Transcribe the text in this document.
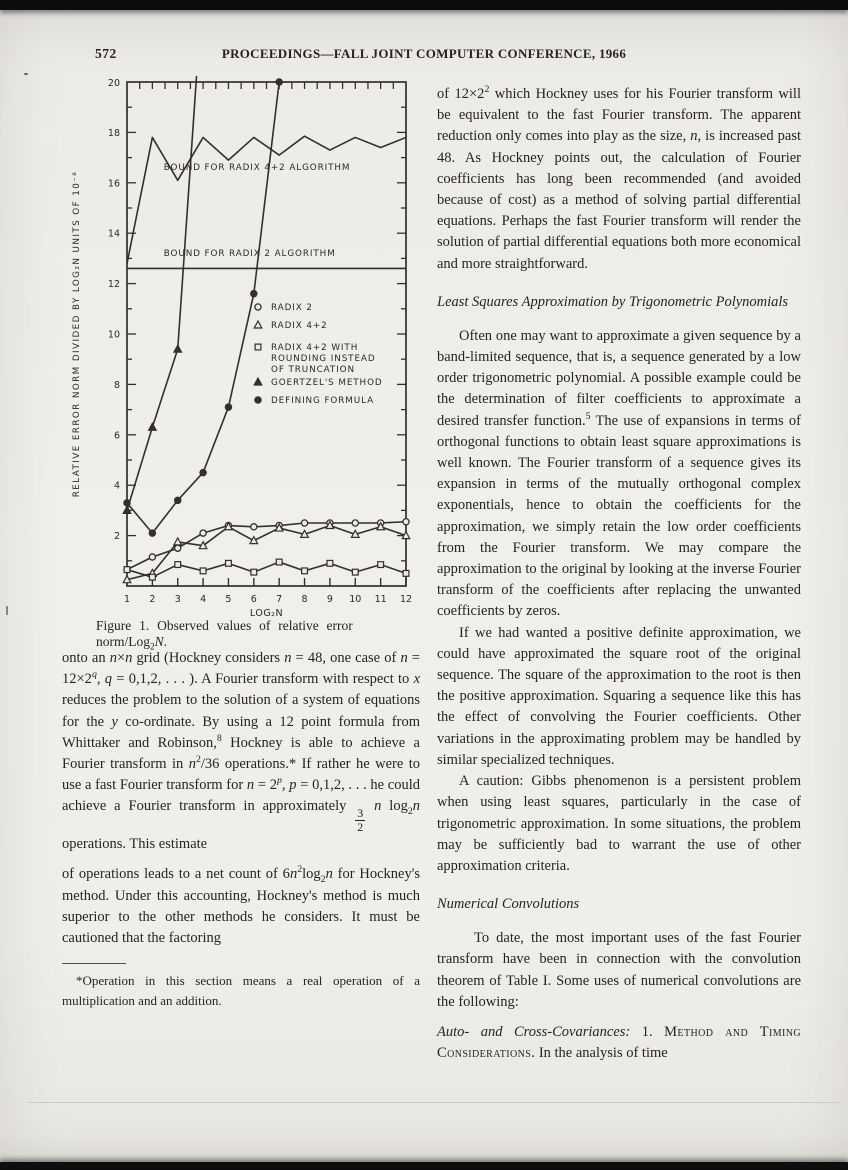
572	PROCEEDINGS—FALL JOINT COMPUTER CONFERENCE, 1966
1 2 3 4 5 6 7 8 9 10 11 12
2
4
6
8
10
12
14
16
18
20
LOG₂N
RELATIVE ERROR NORM DIVIDED BY LOG₂N UNITS OF 10⁻⁸
BOUND FOR RADIX 4+2 ALGORITHM
BOUND FOR RADIX 2 ALGORITHM
RADIX 2
RADIX 4+2
RADIX 4+2 WITH
ROUNDING INSTEAD
OF TRUNCATION
GOERTZEL'S METHOD
DEFINING FORMULA
Figure 1. Observed values of relative error norm/Log$_2$N.

onto an n×n grid (Hockney considers n = 48, one case of $n = 12\times 2^q$, q = 0,1,2, . . . ). A Fourier transform with respect to x reduces the problem to the solution of a system of equations for the y co-ordinate. By using a 12 point formula from Whittaker and Robinson,$^8$ Hockney is able to achieve a Fourier transform in $n^2/36$ operations.* If rather he were to use a fast Fourier transform for $n = 2^p$, p = 0,1,2, . . . he could achieve a Fourier transform in approximately
$\frac{3}{2}$
n $\log_2n$ operations. This estimate

of operations leads to a net count of $6n^2\log_2n$ for Hockney's method. Under this accounting, Hockney's method is much superior to the other methods he considers. It must be cautioned that the factoring

*Operation in this section means a real operation of a multiplication and an addition.

of $12\times 2^2$ which Hockney uses for his Fourier transform will be equivalent to the fast Fourier transform. The apparent reduction only comes into play as the size, n, is increased past 48. As Hockney points out, the calculation of Fourier coefficients has long been recommended (and avoided because of cost) as a method of solving partial differential equations. Perhaps the fast Fourier transform will render the solution of partial differential equations both more economical and more straightforward.

Least Squares Approximation by Trigonometric Polynomials

Often one may want to approximate a given sequence by a band-limited sequence, that is, a sequence generated by a low order trigonometric polynomial. A possible example could be the determination of filter coefficients to approximate a desired transfer function.$^5$ The use of expansions in terms of orthogonal functions to obtain least square approximations is well known. The Fourier transform of a sequence gives its expansion in terms of the mutually orthogonal complex exponentials, hence to obtain the coefficients for the approximation, we simply retain the low order coefficients from the Fourier transform. We may compare the approximation to the original by looking at the inverse Fourier transform of the coefficients after replacing the unwanted coefficients by zeros.

If we had wanted a positive definite approximation, we could have approximated the square root of the original sequence. The square of the approximation to the root is then the positive approximation. Squaring a sequence like this has the effect of convolving the Fourier coefficients. Other variations in the approximating problem may be handled by similar specialized techniques.

A caution: Gibbs phenomenon is a persistent problem when using least squares, particularly in the case of trigonometric approximation. In some situations, the problem may be sufficiently bad to warrant the use of other approximation criteria.

Numerical Convolutions

To date, the most important uses of the fast Fourier transform have been in connection with the convolution theorem of Table I. Some uses of numerical convolutions are the following:

Auto- and Cross-Covariances: 1. Method and Timing Considerations. In the analysis of time
